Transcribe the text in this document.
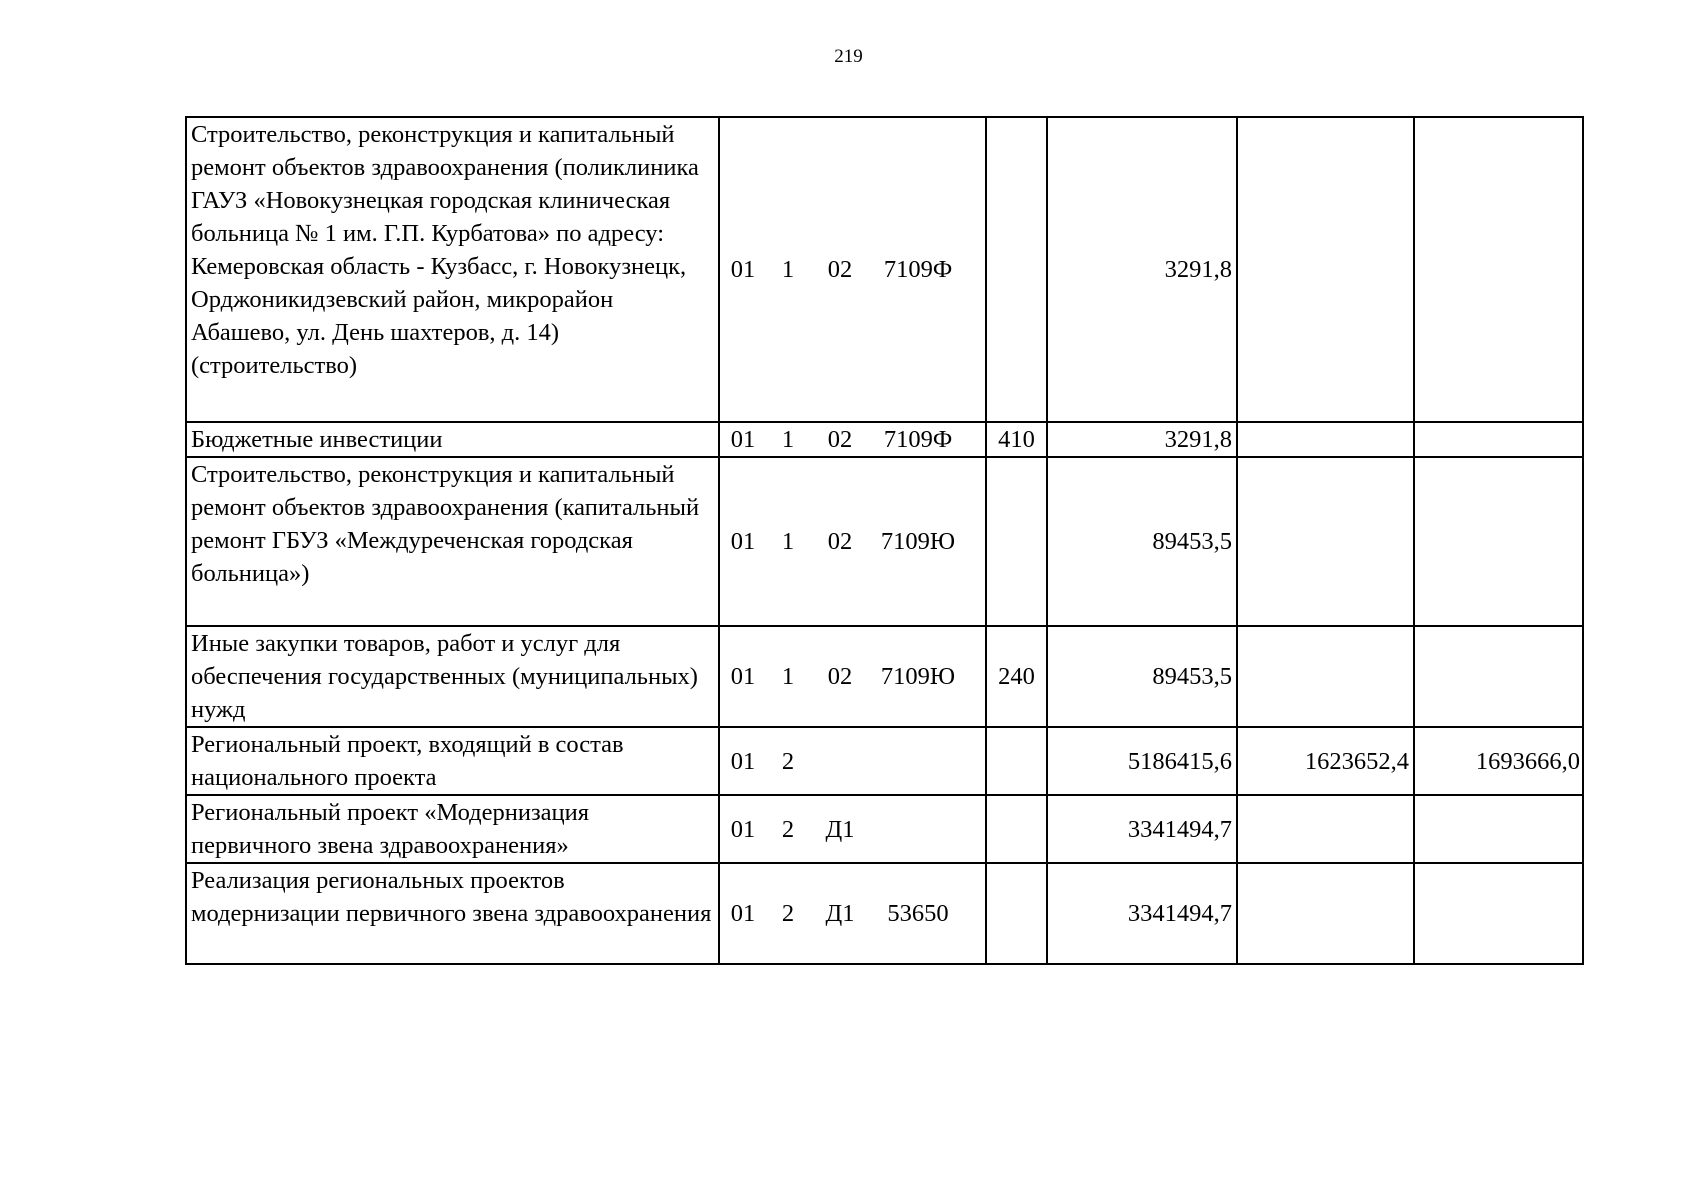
219
Строительство, реконструкция и капитальный ремонт объектов здравоохранения (поликлиника ГАУЗ «Новокузнецкая городская клиническая больница № 1 им. Г.П. Курбатова» по адресу: Кемеровская область - Кузбасс, г. Новокузнецк, Орджоникидзевский район, микрорайон Абашево, ул. День шахтеров, д. 14) (строительство)	01 1 02 7109Ф		3291,8		
Бюджетные инвестиции	01 1 02 7109Ф	410	3291,8		
Строительство, реконструкция и капитальный ремонт объектов здравоохранения (капитальный ремонт ГБУЗ «Междуреченская городская больница»)	01 1 02 7109Ю		89453,5		
Иные закупки товаров, работ и услуг для обеспечения государственных (муниципальных) нужд	01 1 02 7109Ю	240	89453,5		
Региональный проект, входящий в состав национального проекта	01 2		5186415,6	1623652,4	1693666,0
Региональный проект «Модернизация первичного звена здравоохранения»	01 2 Д1		3341494,7		
Реализация региональных проектов модернизации первичного звена здравоохранения	01 2 Д1 53650		3341494,7		
